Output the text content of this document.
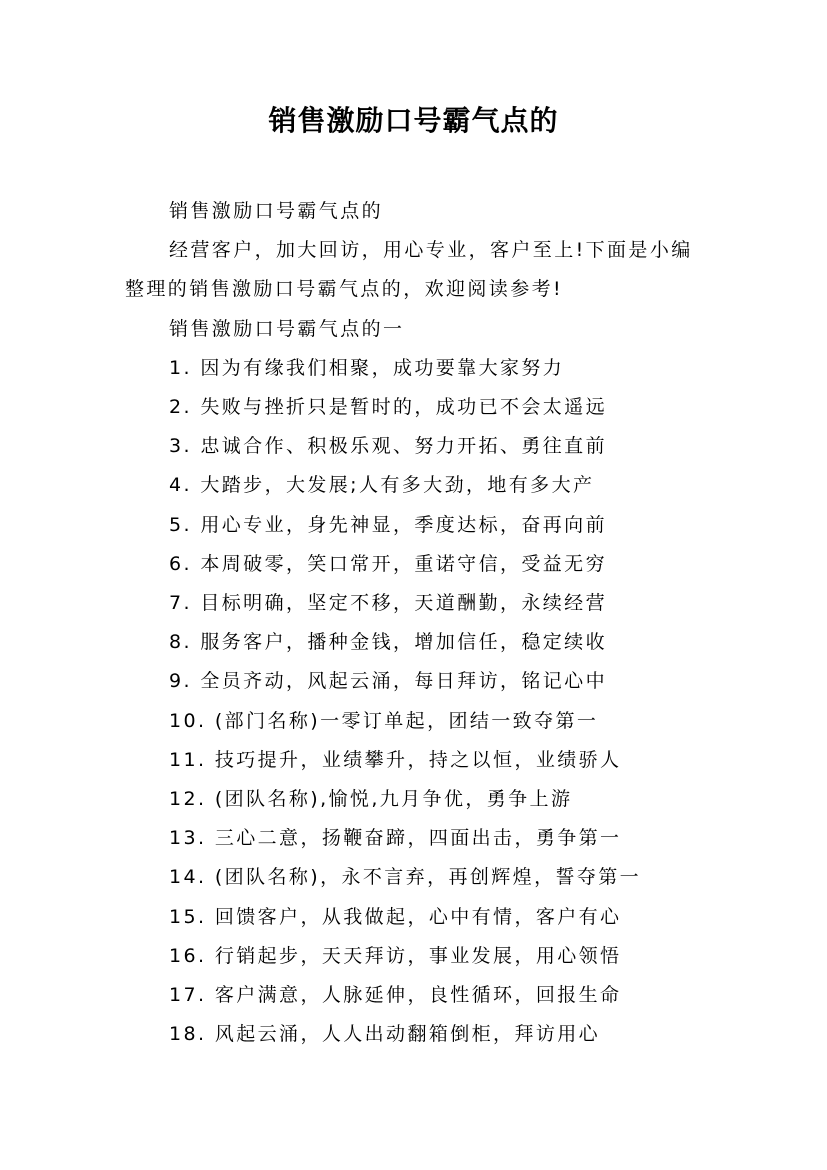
销售激励口号霸气点的

销售激励口号霸气点的

经营客户，加大回访，用心专业，客户至上!下面是小编整理的销售激励口号霸气点的，欢迎阅读参考!

销售激励口号霸气点的一

1. 因为有缘我们相聚，成功要靠大家努力
2. 失败与挫折只是暂时的，成功已不会太遥远
3. 忠诚合作、积极乐观、努力开拓、勇往直前
4. 大踏步，大发展;人有多大劲，地有多大产
5. 用心专业，身先神显，季度达标，奋再向前
6. 本周破零，笑口常开，重诺守信，受益无穷
7. 目标明确，坚定不移，天道酬勤，永续经营
8. 服务客户，播种金钱，增加信任，稳定续收
9. 全员齐动，风起云涌，每日拜访，铭记心中
10. (部门名称)一零订单起，团结一致夺第一
11. 技巧提升，业绩攀升，持之以恒，业绩骄人
12. (团队名称),愉悦,九月争优，勇争上游
13. 三心二意，扬鞭奋蹄，四面出击，勇争第一
14. (团队名称)，永不言弃，再创辉煌，誓夺第一
15. 回馈客户，从我做起，心中有情，客户有心
16. 行销起步，天天拜访，事业发展，用心领悟
17. 客户满意，人脉延伸，良性循环，回报生命
18. 风起云涌，人人出动翻箱倒柜，拜访用心
